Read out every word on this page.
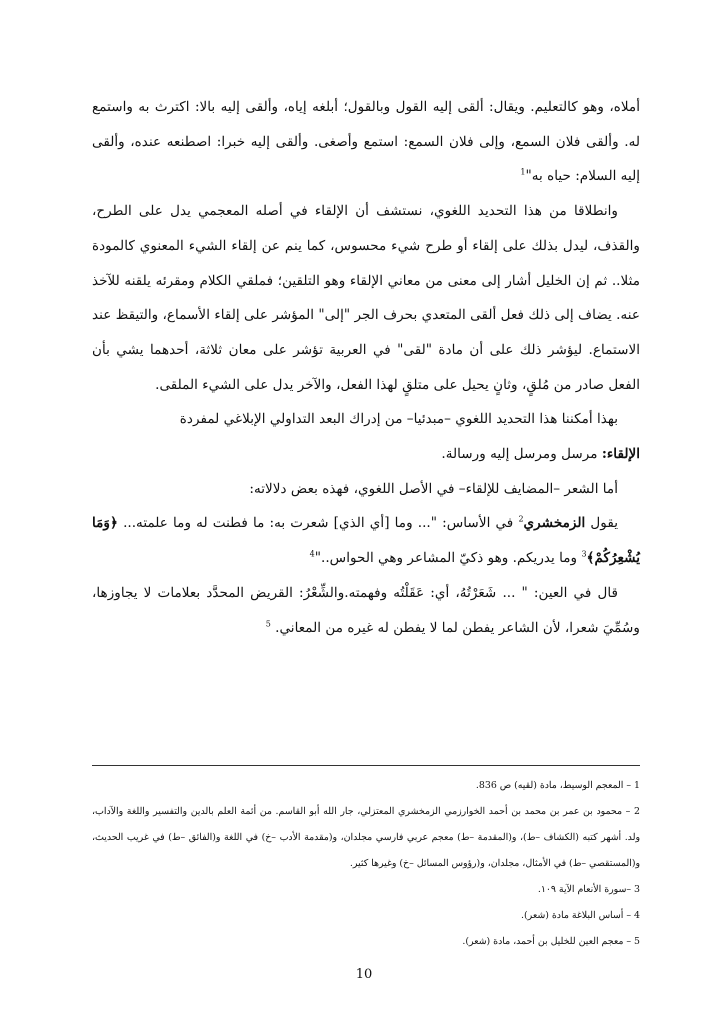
أملاه، وهو كالتعليم. ويقال: ألقى إليه القول وبالقول؛ أبلغه إياه، وألقى إليه بالا: اكترث به واستمع له. وألقى فلان السمع، وإلى فلان السمع: استمع وأصغى. وألقى إليه خبرا: اصطنعه عنده، وألقى إليه السلام: حياه به"$^1$

وانطلاقا من هذا التحديد اللغوي، نستشف أن الإلقاء في أصله المعجمي يدل على الطرح، والقذف، ليدل بذلك على إلقاء أو طرح شيء محسوس، كما ينم عن إلقاء الشيء المعنوي كالمودة مثلا.. ثم إن الخليل أشار إلى معنى من معاني الإلقاء وهو التلقين؛ فملقي الكلام ومقرئه يلقنه للآخذ عنه. يضاف إلى ذلك فعل ألقى المتعدي بحرف الجر "إلى" المؤشر على إلقاء الأسماع، والتيقظ عند الاستماع. ليؤشر ذلك على أن مادة "لقى" في العربية تؤشر على معان ثلاثة، أحدهما يشي بأن الفعل صادر من مُلقٍ، وثانٍ يحيل على متلقٍ لهذا الفعل، والآخر يدل على الشيء الملقى.

بهذا أمكننا هذا التحديد اللغوي –مبدئيا– من إدراك البعد التداولي الإبلاغي لمفردة

الإلقاء: مرسل ومرسل إليه ورسالة.

أما الشعر –المضايف للإلقاء– في الأصل اللغوي، فهذه بعض دلالاته:

يقول الزمخشري$^2$ في الأساس: "... وما [أي الذي] شعرت به: ما فطنت له وما علمته... ﴿وَمَا يُشْعِرُكُمْ﴾$^3$ وما يدريكم. وهو ذكيّ المشاعر وهي الحواس.."$^4$

قال في العين: " ... شَعَرْتُهُ، أي: عَقَلْتُه وفهمته.والشِّعْرُ: القريض المحدَّد بعلامات لا يجاوزها، وسُمِّيَ شعرا، لأن الشاعر يفطن لما لا يفطن له غيره من المعاني. $^5$

1 – المعجم الوسيط، مادة (لقيه) ص 836.

2 – محمود بن عمر بن محمد بن أحمد الخوارزمي الزمخشري المعتزلي، جار الله أبو القاسم. من أئمة العلم بالدين والتفسير واللغة والآداب، ولد. أشهر كتبه (الكشاف –ط)، و(المقدمة –ط) معجم عربي فارسي مجلدان، و(مقدمة الأدب –خ) في اللغة و(الفائق –ط) في غريب الحديث، و(المستقصي –ط) في الأمثال، مجلدان، و(رؤوس المسائل –خ) وغيرها كثير.

3 –سورة الأنعام الآية ١٠٩.

4 – أساس البلاغة مادة (شعر).

5 – معجم العين للخليل بن أحمد، مادة (شعر).

10
